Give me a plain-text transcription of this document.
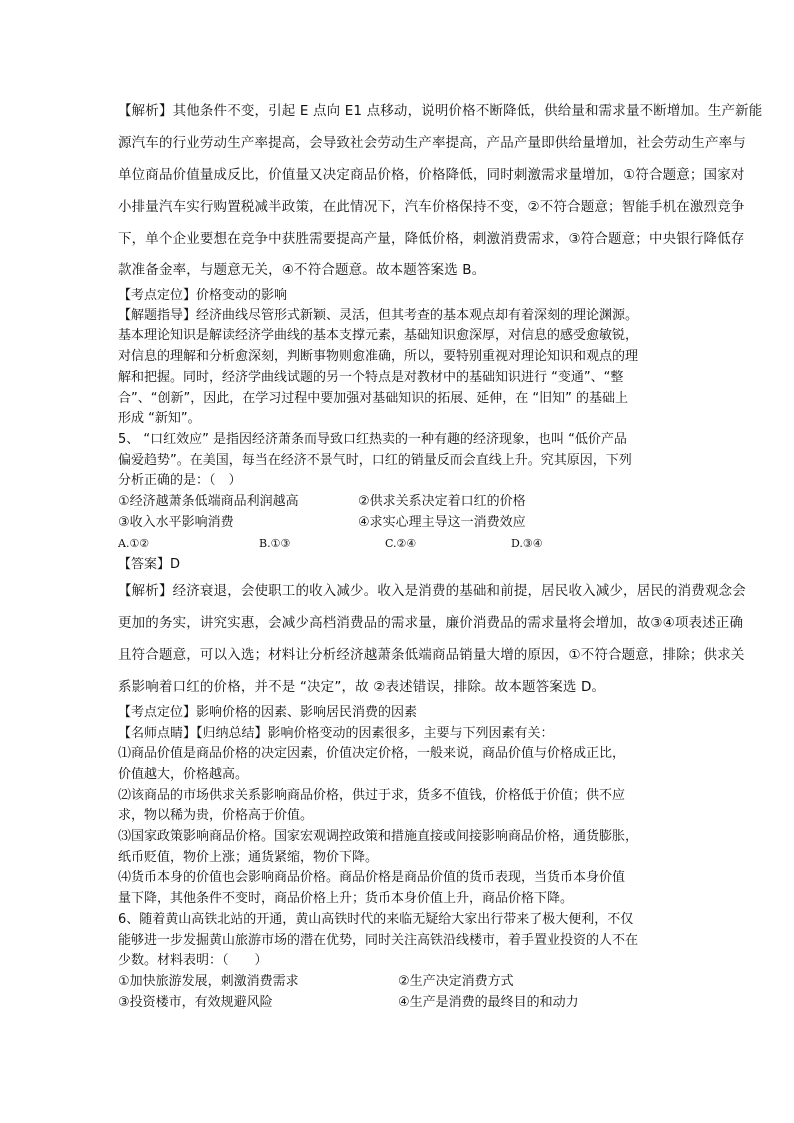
【解析】其他条件不变，引起 E 点向 E1 点移动，说明价格不断降低，供给量和需求量不断增加。生产新能
源汽车的行业劳动生产率提高，会导致社会劳动生产率提高，产品产量即供给量增加，社会劳动生产率与
单位商品价值量成反比，价值量又决定商品价格，价格降低，同时刺激需求量增加，①符合题意；国家对
小排量汽车实行购置税减半政策，在此情况下，汽车价格保持不变，②不符合题意；智能手机在激烈竞争
下，单个企业要想在竞争中获胜需要提高产量，降低价格，刺激消费需求，③符合题意；中央银行降低存
款准备金率，与题意无关，④不符合题意。故本题答案选 B。
【考点定位】价格变动的影响
【解题指导】经济曲线尽管形式新颖、灵活，但其考查的基本观点却有着深刻的理论渊源。
基本理论知识是解读经济学曲线的基本支撑元素，基础知识愈深厚，对信息的感受愈敏锐，
对信息的理解和分析愈深刻，判断事物则愈准确，所以，要特别重视对理论知识和观点的理
解和把握。同时，经济学曲线试题的另一个特点是对教材中的基础知识进行 “变通”、“整
合”、“创新”，因此，在学习过程中要加强对基础知识的拓展、延伸，在 “旧知” 的基础上
形成 “新知”。
5、 “口红效应” 是指因经济萧条而导致口红热卖的一种有趣的经济现象，也叫 “低价产品
偏爱趋势”。在美国，每当在经济不景气时，口红的销量反而会直线上升。究其原因，下列
分析正确的是：（　）
①经济越萧条低端商品利润越高	②供求关系决定着口红的价格
③收入水平影响消费	④求实心理主导这一消费效应
A.①②	B.①③	C.②④	D.③④
【答案】D
【解析】经济衰退，会使职工的收入减少。收入是消费的基础和前提，居民收入减少，居民的消费观念会
更加的务实，讲究实惠，会减少高档消费品的需求量，廉价消费品的需求量将会增加，故③④项表述正确
且符合题意，可以入选；材料让分析经济越萧条低端商品销量大增的原因，①不符合题意，排除；供求关
系影响着口红的价格，并不是 “决定”，故 ②表述错误，排除。故本题答案选 D。
【考点定位】影响价格的因素、影响居民消费的因素
【名师点睛】【归纳总结】影响价格变动的因素很多，主要与下列因素有关：
⑴商品价值是商品价格的决定因素，价值决定价格，一般来说，商品价值与价格成正比，
价值越大，价格越高。
⑵该商品的市场供求关系影响商品价格，供过于求，货多不值钱，价格低于价值；供不应
求，物以稀为贵，价格高于价值。
⑶国家政策影响商品价格。国家宏观调控政策和措施直接或间接影响商品价格，通货膨胀，
纸币贬值，物价上涨；通货紧缩，物价下降。
⑷货币本身的价值也会影响商品价格。商品价格是商品价值的货币表现，当货币本身价值
量下降，其他条件不变时，商品价格上升；货币本身价值上升，商品价格下降。
6、随着黄山高铁北站的开通，黄山高铁时代的来临无疑给大家出行带来了极大便利，不仅
能够进一步发掘黄山旅游市场的潜在优势，同时关注高铁沿线楼市，着手置业投资的人不在
少数。材料表明：（　　）
①加快旅游发展，刺激消费需求	②生产决定消费方式
③投资楼市，有效规避风险	④生产是消费的最终目的和动力
